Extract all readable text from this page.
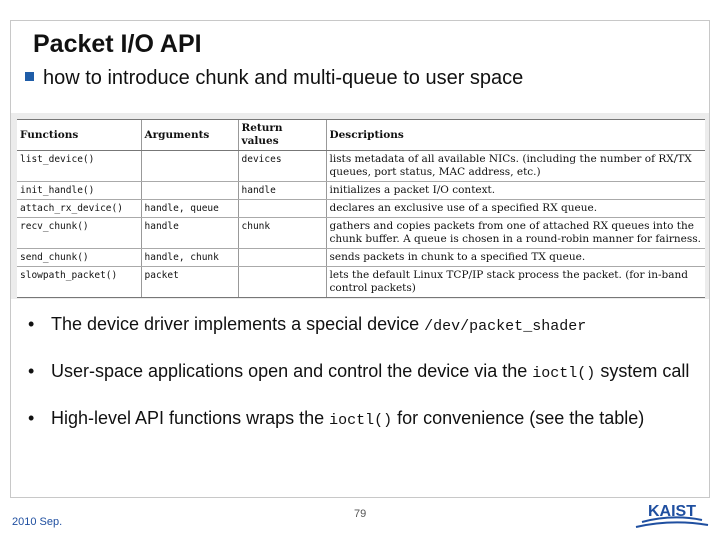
Packet I/O API
how to introduce chunk and multi-queue to user space
Functions	Arguments	Return values	Descriptions
list_device()		devices	lists metadata of all available NICs. (including the number of RX/TX queues, port status, MAC address, etc.)
init_handle()		handle	initializes a packet I/O context.
attach_rx_device()	handle, queue		declares an exclusive use of a specified RX queue.
recv_chunk()	handle	chunk	gathers and copies packets from one of attached RX queues into the chunk buffer. A queue is chosen in a round-robin manner for fairness.
send_chunk()	handle, chunk		sends packets in chunk to a specified TX queue.
slowpath_packet()	packet		lets the default Linux TCP/IP stack process the packet. (for in-band control packets)
• The device driver implements a special device /dev/packet_shader
• User-space applications open and control the device via the ioctl() system call
• High-level API functions wraps the ioctl() for convenience (see the table)
2010 Sep.
79	KAIST
